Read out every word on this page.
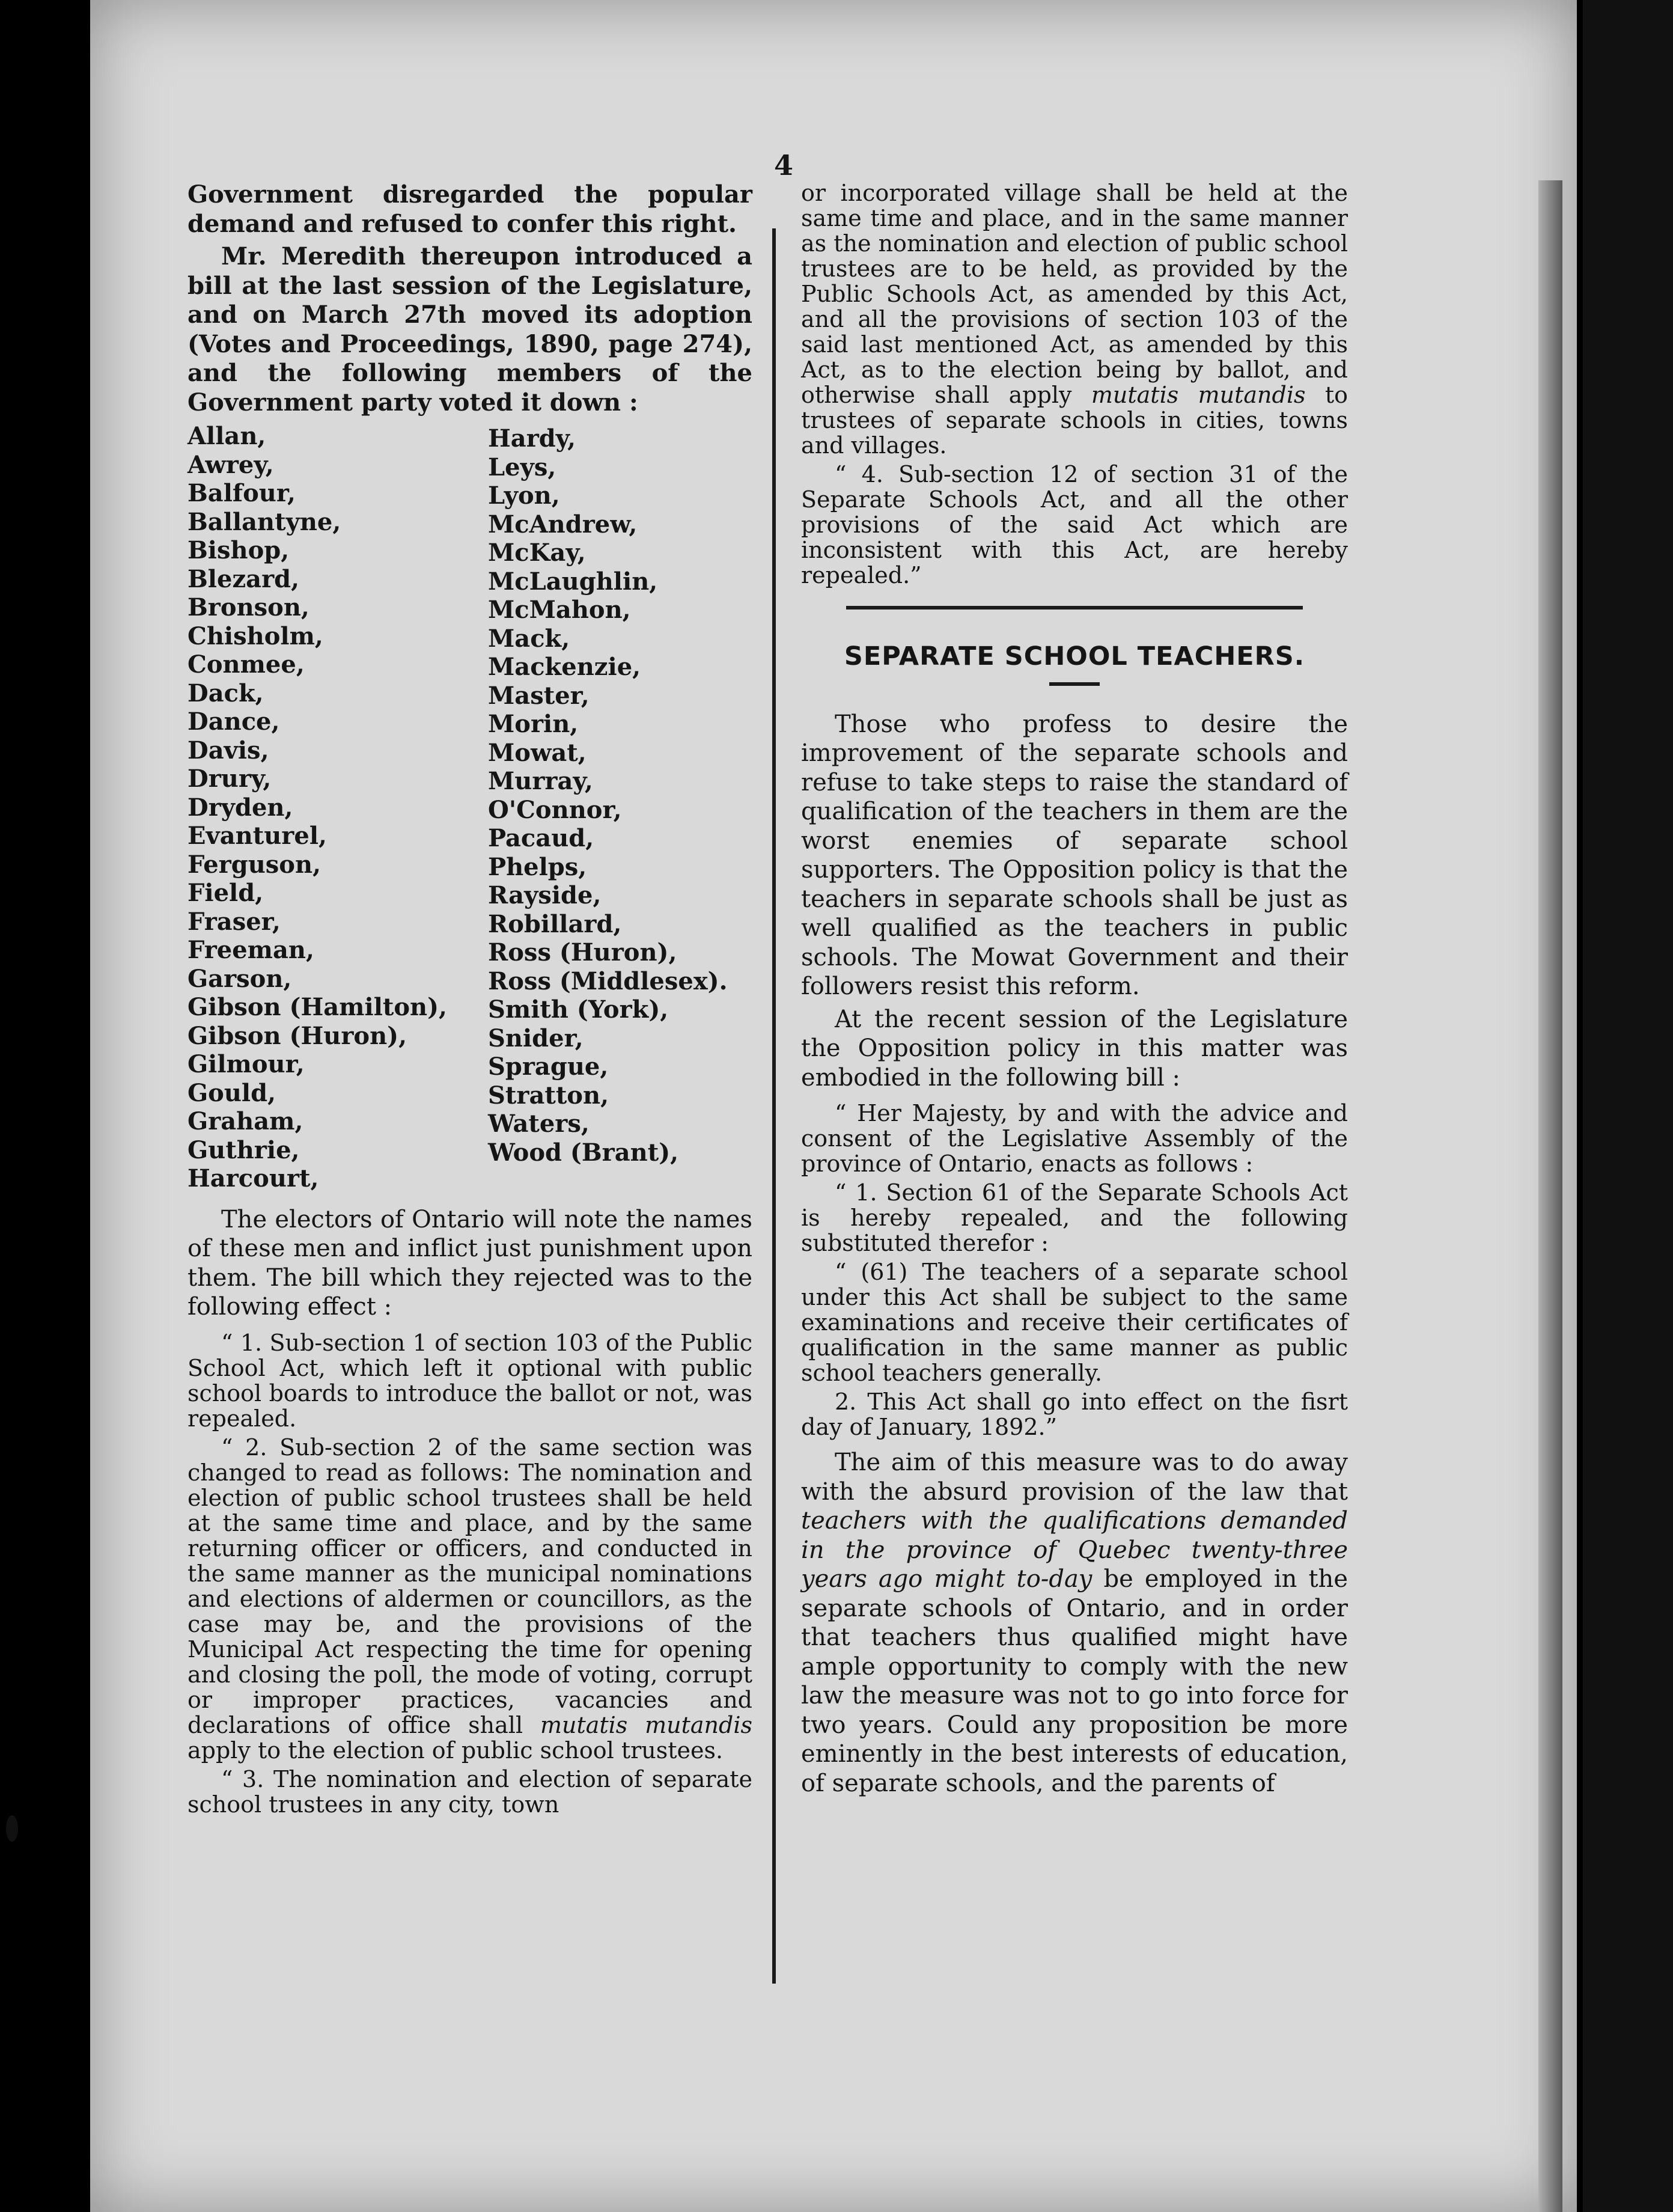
4

Government disregarded the popular demand and refused to confer this right.

Mr. Meredith thereupon introduced a bill at the last session of the Legislature, and on March 27th moved its adoption (Votes and Proceedings, 1890, page 274), and the following members of the Government party voted it down :

Allan,
Awrey,
Balfour,
Ballantyne,
Bishop,
Blezard,
Bronson,
Chisholm,
Conmee,
Dack,
Dance,
Davis,
Drury,
Dryden,
Evanturel,
Ferguson,
Field,
Fraser,
Freeman,
Garson,
Gibson (Hamilton),
Gibson (Huron),
Gilmour,
Gould,
Graham,
Guthrie,
Harcourt,
Hardy,
Leys,
Lyon,
McAndrew,
McKay,
McLaughlin,
McMahon,
Mack,
Mackenzie,
Master,
Morin,
Mowat,
Murray,
O'Connor,
Pacaud,
Phelps,
Rayside,
Robillard,
Ross (Huron),
Ross (Middlesex).
Smith (York),
Snider,
Sprague,
Stratton,
Waters,
Wood (Brant),

The electors of Ontario will note the names of these men and inflict just punishment upon them. The bill which they rejected was to the following effect :

“ 1. Sub-section 1 of section 103 of the Public School Act, which left it optional with public school boards to introduce the ballot or not, was repealed.

“ 2. Sub-section 2 of the same section was changed to read as follows: The nomination and election of public school trustees shall be held at the same time and place, and by the same returning officer or officers, and conducted in the same manner as the municipal nominations and elections of aldermen or councillors, as the case may be, and the provisions of the Municipal Act respecting the time for opening and closing the poll, the mode of voting, corrupt or improper practices, vacancies and declarations of office shall mutatis mutandis apply to the election of public school trustees.

“ 3. The nomination and election of separate school trustees in any city, town

or incorporated village shall be held at the same time and place, and in the same manner as the nomination and election of public school trustees are to be held, as provided by the Public Schools Act, as amended by this Act, and all the provisions of section 103 of the said last mentioned Act, as amended by this Act, as to the election being by ballot, and otherwise shall apply mutatis mutandis to trustees of separate schools in cities, towns and villages.

“ 4. Sub-section 12 of section 31 of the Separate Schools Act, and all the other provisions of the said Act which are inconsistent with this Act, are hereby repealed.”

SEPARATE SCHOOL TEACHERS.

Those who profess to desire the improvement of the separate schools and refuse to take steps to raise the standard of qualification of the teachers in them are the worst enemies of separate school supporters. The Opposition policy is that the teachers in separate schools shall be just as well qualified as the teachers in public schools. The Mowat Government and their followers resist this reform.

At the recent session of the Legislature the Opposition policy in this matter was embodied in the following bill :

“ Her Majesty, by and with the advice and consent of the Legislative Assembly of the province of Ontario, enacts as follows :

“ 1. Section 61 of the Separate Schools Act is hereby repealed, and the following substituted therefor :

“ (61) The teachers of a separate school under this Act shall be subject to the same examinations and receive their certificates of qualification in the same manner as public school teachers generally.

2. This Act shall go into effect on the fisrt day of January, 1892.”

The aim of this measure was to do away with the absurd provision of the law that teachers with the qualifications demanded in the province of Quebec twenty-three years ago might to-day be employed in the separate schools of Ontario, and in order that teachers thus qualified might have ample opportunity to comply with the new law the measure was not to go into force for two years. Could any proposition be more eminently in the best interests of education, of separate schools, and the parents of
